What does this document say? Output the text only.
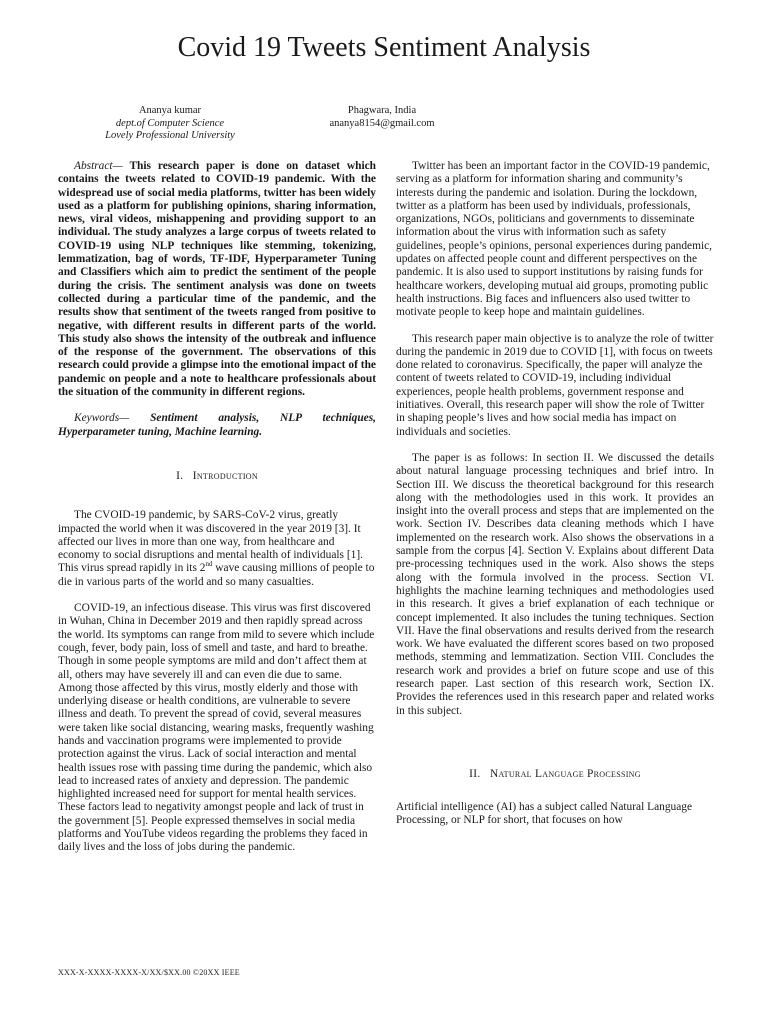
Covid 19 Tweets Sentiment Analysis
Ananya kumar
dept.of Computer Science
Lovely Professional University
Phagwara, India
ananya8154@gmail.com

Abstract— This research paper is done on dataset which contains the tweets related to COVID-19 pandemic. With the widespread use of social media platforms, twitter has been widely used as a platform for publishing opinions, sharing information, news, viral videos, mishappening and providing support to an individual. The study analyzes a large corpus of tweets related to COVID-19 using NLP techniques like stemming, tokenizing, lemmatization, bag of words, TF-IDF, Hyperparameter Tuning and Classifiers which aim to predict the sentiment of the people during the crisis. The sentiment analysis was done on tweets collected during a particular time of the pandemic, and the results show that sentiment of the tweets ranged from positive to negative, with different results in different parts of the world. This study also shows the intensity of the outbreak and influence of the response of the government. The observations of this research could provide a glimpse into the emotional impact of the pandemic on people and a note to healthcare professionals about the situation of the community in different regions.

Keywords— Sentiment analysis, NLP techniques, Hyperparameter tuning, Machine learning.

I. Introduction

The CVOID-19 pandemic, by SARS-CoV-2 virus, greatly impacted the world when it was discovered in the year 2019 [3]. It affected our lives in more than one way, from healthcare and economy to social disruptions and mental health of individuals [1]. This virus spread rapidly in its 2nd wave causing millions of people to die in various parts of the world and so many casualties.

COVID-19, an infectious disease. This virus was first discovered in Wuhan, China in December 2019 and then rapidly spread across the world. Its symptoms can range from mild to severe which include cough, fever, body pain, loss of smell and taste, and hard to breathe. Though in some people symptoms are mild and don’t affect them at all, others may have severely ill and can even die due to same. Among those affected by this virus, mostly elderly and those with underlying disease or health conditions, are vulnerable to severe illness and death. To prevent the spread of covid, several measures were taken like social distancing, wearing masks, frequently washing hands and vaccination programs were implemented to provide protection against the virus. Lack of social interaction and mental health issues rose with passing time during the pandemic, which also lead to increased rates of anxiety and depression. The pandemic highlighted increased need for support for mental health services. These factors lead to negativity amongst people and lack of trust in the government [5]. People expressed themselves in social media platforms and YouTube videos regarding the problems they faced in daily lives and the loss of jobs during the pandemic.

Twitter has been an important factor in the COVID-19 pandemic, serving as a platform for information sharing and community’s interests during the pandemic and isolation. During the lockdown, twitter as a platform has been used by individuals, professionals, organizations, NGOs, politicians and governments to disseminate information about the virus with information such as safety guidelines, people’s opinions, personal experiences during pandemic, updates on affected people count and different perspectives on the pandemic. It is also used to support institutions by raising funds for healthcare workers, developing mutual aid groups, promoting public health instructions. Big faces and influencers also used twitter to motivate people to keep hope and maintain guidelines.

This research paper main objective is to analyze the role of twitter during the pandemic in 2019 due to COVID [1], with focus on tweets done related to coronavirus. Specifically, the paper will analyze the content of tweets related to COVID-19, including individual experiences, people health problems, government response and initiatives. Overall, this research paper will show the role of Twitter in shaping people’s lives and how social media has impact on individuals and societies.

The paper is as follows: In section II. We discussed the details about natural language processing techniques and brief intro. In Section III. We discuss the theoretical background for this research along with the methodologies used in this work. It provides an insight into the overall process and steps that are implemented on the work. Section IV. Describes data cleaning methods which I have implemented on the research work. Also shows the observations in a sample from the corpus [4]. Section V. Explains about different Data pre-processing techniques used in the work. Also shows the steps along with the formula involved in the process. Section VI. highlights the machine learning techniques and methodologies used in this research. It gives a brief explanation of each technique or concept implemented. It also includes the tuning techniques. Section VII. Have the final observations and results derived from the research work. We have evaluated the different scores based on two proposed methods, stemming and lemmatization. Section VIII. Concludes the research work and provides a brief on future scope and use of this research paper. Last section of this research work, Section IX. Provides the references used in this research paper and related works in this subject.

II. Natural Language Processing

Artificial intelligence (AI) has a subject called Natural Language Processing, or NLP for short, that focuses on how

XXX-X-XXXX-XXXX-X/XX/$XX.00 ©20XX IEEE
